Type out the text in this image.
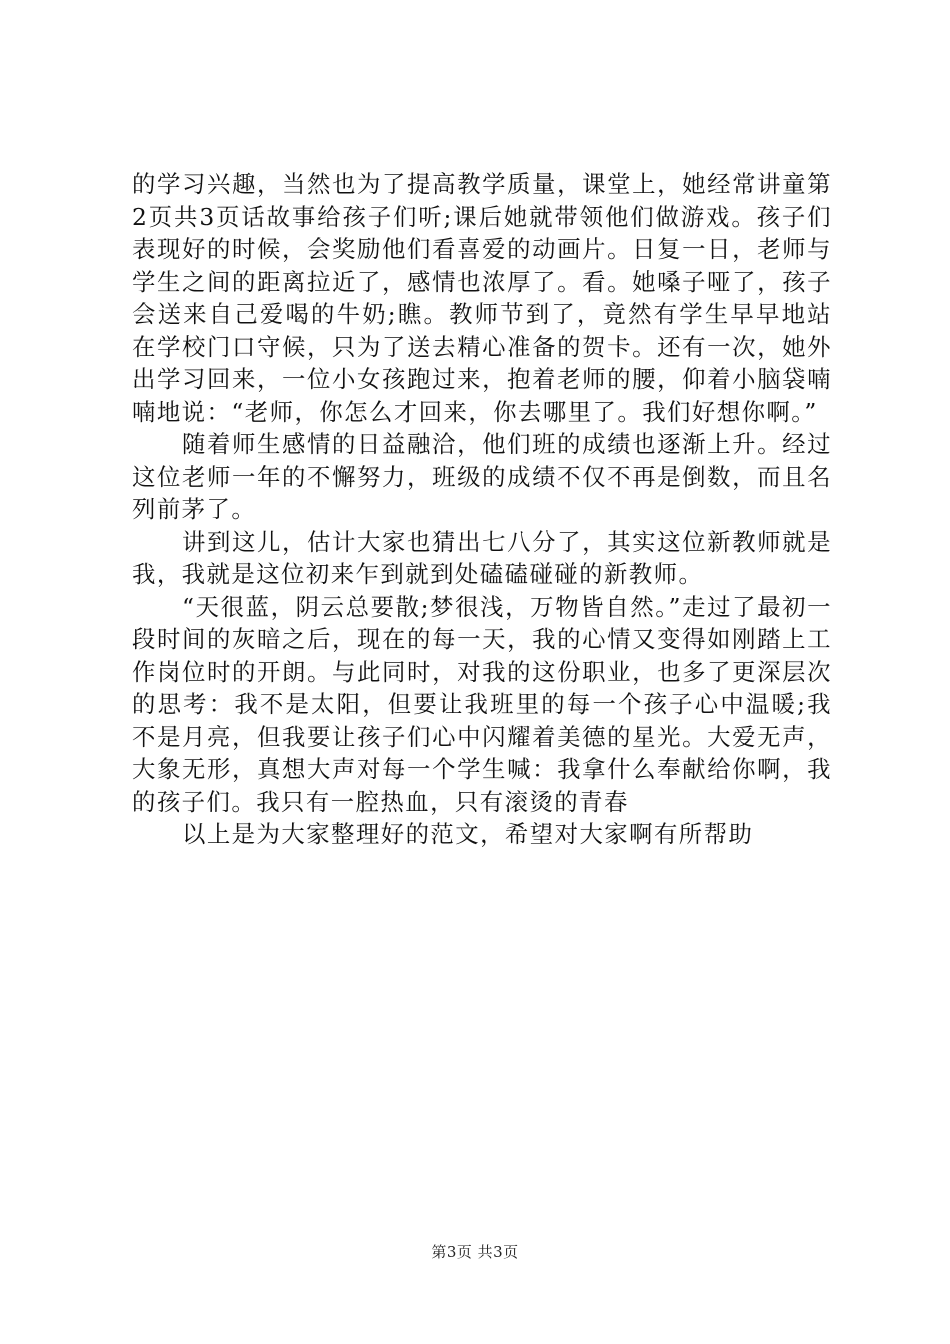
的学习兴趣，当然也为了提高教学质量，课堂上，她经常讲童第2页共3页话故事给孩子们听;课后她就带领他们做游戏。孩子们表现好的时候，会奖励他们看喜爱的动画片。日复一日，老师与学生之间的距离拉近了，感情也浓厚了。看。她嗓子哑了，孩子会送来自己爱喝的牛奶;瞧。教师节到了，竟然有学生早早地站在学校门口守候，只为了送去精心准备的贺卡。还有一次，她外出学习回来，一位小女孩跑过来，抱着老师的腰，仰着小脑袋喃喃地说：“老师，你怎么才回来，你去哪里了。我们好想你啊。”

随着师生感情的日益融洽，他们班的成绩也逐渐上升。经过这位老师一年的不懈努力，班级的成绩不仅不再是倒数，而且名列前茅了。

讲到这儿，估计大家也猜出七八分了，其实这位新教师就是我，我就是这位初来乍到就到处磕磕碰碰的新教师。

“天很蓝，阴云总要散;梦很浅，万物皆自然。”走过了最初一段时间的灰暗之后，现在的每一天，我的心情又变得如刚踏上工作岗位时的开朗。与此同时，对我的这份职业，也多了更深层次的思考：我不是太阳，但要让我班里的每一个孩子心中温暖;我不是月亮，但我要让孩子们心中闪耀着美德的星光。大爱无声，大象无形，真想大声对每一个学生喊：我拿什么奉献给你啊，我的孩子们。我只有一腔热血，只有滚烫的青春

以上是为大家整理好的范文，希望对大家啊有所帮助

第3页 共3页
